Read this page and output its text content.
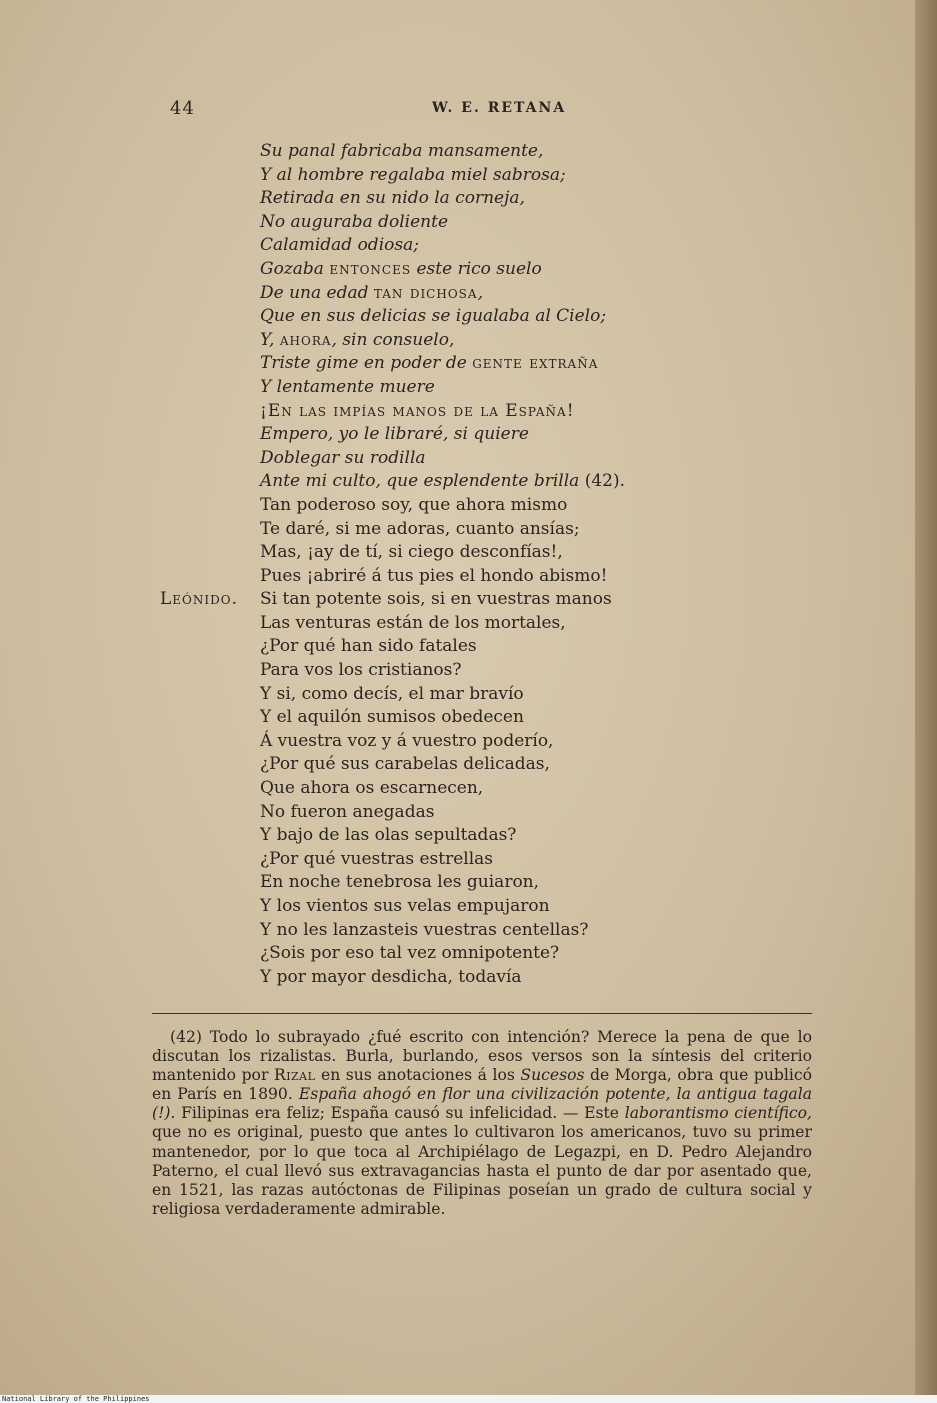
44	W. E. RETANA
Su panal fabricaba mansamente,
Y al hombre regalaba miel sabrosa;
Retirada en su nido la corneja,
No auguraba doliente
Calamidad odiosa;
Gozaba entonces este rico suelo
De una edad tan dichosa,
Que en sus delicias se igualaba al Cielo;
Y, ahora, sin consuelo,
Triste gime en poder de gente extraña
Y lentamente muere
¡En las impías manos de la España!
Empero, yo le libraré, si quiere
Doblegar su rodilla
Ante mi culto, que esplendente brilla (42).
Tan poderoso soy, que ahora mismo
Te daré, si me adoras, cuanto ansías;
Mas, ¡ay de tí, si ciego desconfías!,
Pues ¡abriré á tus pies el hondo abismo!
Leónido. Si tan potente sois, si en vuestras manos
Las venturas están de los mortales,
¿Por qué han sido fatales
Para vos los cristianos?
Y si, como decís, el mar bravío
Y el aquilón sumisos obedecen
Á vuestra voz y á vuestro poderío,
¿Por qué sus carabelas delicadas,
Que ahora os escarnecen,
No fueron anegadas
Y bajo de las olas sepultadas?
¿Por qué vuestras estrellas
En noche tenebrosa les guiaron,
Y los vientos sus velas empujaron
Y no les lanzasteis vuestras centellas?
¿Sois por eso tal vez omnipotente?
Y por mayor desdicha, todavía

(42) Todo lo subrayado ¿fué escrito con intención? Merece la pena de que lo discutan los rizalistas. Burla, burlando, esos versos son la síntesis del criterio mantenido por Rizal en sus anotaciones á los Sucesos de Morga, obra que publicó en París en 1890. España ahogó en flor una civilización potente, la antigua tagala (!). Filipinas era feliz; España causó su infelicidad. — Este laborantismo científico, que no es original, puesto que antes lo cultivaron los americanos, tuvo su primer mantenedor, por lo que toca al Archipiélago de Legazpi, en D. Pedro Alejandro Paterno, el cual llevó sus extravagancias hasta el punto de dar por asentado que, en 1521, las razas autóctonas de Filipinas poseían un grado de cultura social y religiosa verdaderamente admirable.

National Library of the Philippines
